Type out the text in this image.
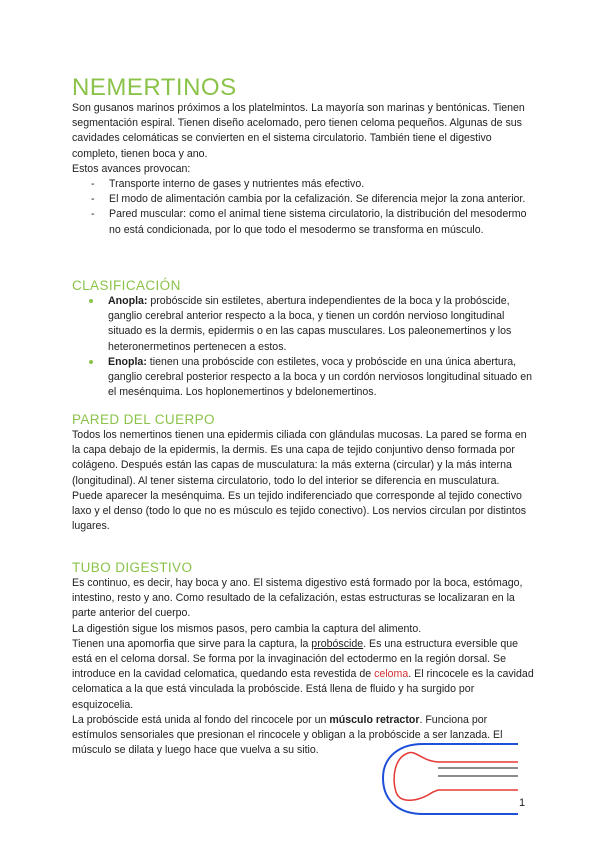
NEMERTINOS

Son gusanos marinos próximos a los platelmintos. La mayoría son marinas y bentónicas. Tienen segmentación espiral. Tienen diseño acelomado, pero tienen celoma pequeños. Algunas de sus cavidades celomáticas se convierten en el sistema circulatorio. También tiene el digestivo completo, tienen boca y ano.

Estos avances provocan:

- Transporte interno de gases y nutrientes más efectivo.
- El modo de alimentación cambia por la cefalización. Se diferencia mejor la zona anterior.
- Pared muscular: como el animal tiene sistema circulatorio, la distribución del mesodermo no está condicionada, por lo que todo el mesodermo se transforma en músculo.
CLASIFICACIÓN
Anopla: probóscide sin estiletes, abertura independientes de la boca y la probóscide, ganglio cerebral anterior respecto a la boca, y tienen un cordón nervioso longitudinal situado es la dermis, epidermis o en las capas musculares. Los paleonemertinos y los heteronermetinos pertenecen a estos.
Enopla: tienen una probóscide con estiletes, voca y probóscide en una única abertura, ganglio cerebral posterior respecto a la boca y un cordón nerviosos longitudinal situado en el mesénquima. Los hoplonemertinos y bdelonemertinos.
PARED DEL CUERPO

Todos los nemertinos tienen una epidermis ciliada con glándulas mucosas. La pared se forma en la capa debajo de la epidermis, la dermis. Es una capa de tejido conjuntivo denso formada por colágeno. Después están las capas de musculatura: la más externa (circular) y la más interna (longitudinal). Al tener sistema circulatorio, todo lo del interior se diferencia en musculatura.

Puede aparecer la mesénquima. Es un tejido indiferenciado que corresponde al tejido conectivo laxo y el denso (todo lo que no es músculo es tejido conectivo). Los nervios circulan por distintos lugares.

TUBO DIGESTIVO

Es continuo, es decir, hay boca y ano. El sistema digestivo está formado por la boca, estómago, intestino, resto y ano. Como resultado de la cefalización, estas estructuras se localizaran en la parte anterior del cuerpo.

La digestión sigue los mismos pasos, pero cambia la captura del alimento.

Tienen una apomorfia que sirve para la captura, la probóscide. Es una estructura eversible que está en el celoma dorsal. Se forma por la invaginación del ectodermo en la región dorsal. Se introduce en la cavidad celomatica, quedando esta revestida de celoma. El rincocele es la cavidad celomatica a la que está vinculada la probóscide. Está llena de fluido y ha surgido por esquizocelia.

La probóscide está unida al fondo del rincocele por un músculo retractor. Funciona por estímulos sensoriales que presionan el rincocele y obligan a la probóscide a ser lanzada. El músculo se dilata y luego hace que vuelva a su sitio.

1
